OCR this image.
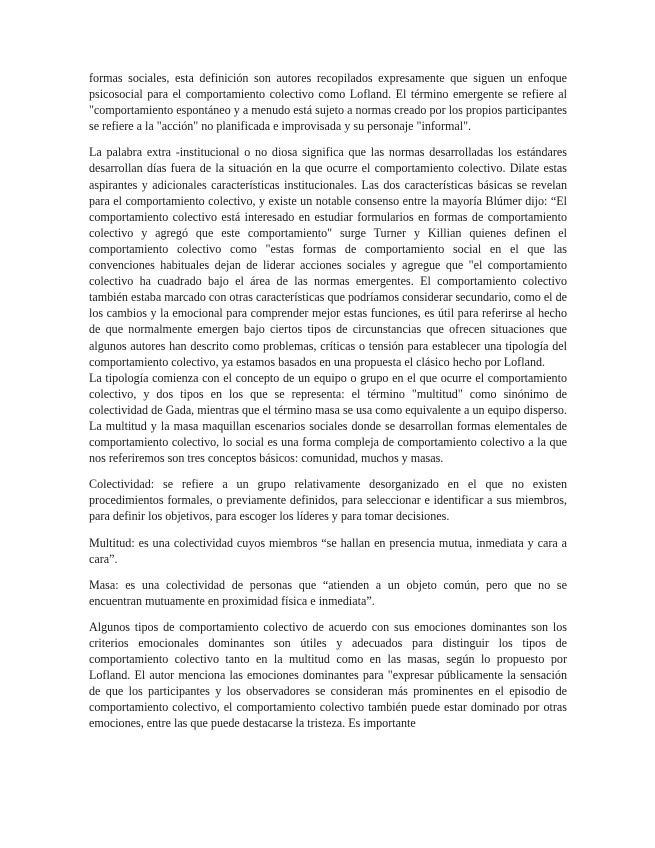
formas sociales, esta definición son autores recopilados expresamente que siguen un enfoque psicosocial para el comportamiento colectivo como Lofland. El término emergente se refiere al "comportamiento espontáneo y a menudo está sujeto a normas creado por los propios participantes se refiere a la "acción" no planificada e improvisada y su personaje "informal".

La palabra extra -institucional o no diosa significa que las normas desarrolladas los estándares desarrollan días fuera de la situación en la que ocurre el comportamiento colectivo. Dilate estas aspirantes y adicionales características institucionales. Las dos características básicas se revelan para el comportamiento colectivo, y existe un notable consenso entre la mayoría Blúmer dijo: “El comportamiento colectivo está interesado en estudiar formularios en formas de comportamiento colectivo y agregó que este comportamiento" surge Turner y Killian quienes definen el comportamiento colectivo como "estas formas de comportamiento social en el que las convenciones habituales dejan de liderar acciones sociales y agregue que "el comportamiento colectivo ha cuadrado bajo el área de las normas emergentes. El comportamiento colectivo también estaba marcado con otras características que podríamos considerar secundario, como el de los cambios y la emocional para comprender mejor estas funciones, es útil para referirse al hecho de que normalmente emergen bajo ciertos tipos de circunstancias que ofrecen situaciones que algunos autores han descrito como problemas, críticas o tensión para establecer una tipología del comportamiento colectivo, ya estamos basados en una propuesta el clásico hecho por Lofland.

La tipología comienza con el concepto de un equipo o grupo en el que ocurre el comportamiento colectivo, y dos tipos en los que se representa: el término "multitud" como sinónimo de colectividad de Gada, mientras que el término masa se usa como equivalente a un equipo disperso. La multitud y la masa maquillan escenarios sociales donde se desarrollan formas elementales de comportamiento colectivo, lo social es una forma compleja de comportamiento colectivo a la que nos referiremos son tres conceptos básicos: comunidad, muchos y masas.

Colectividad: se refiere a un grupo relativamente desorganizado en el que no existen procedimientos formales, o previamente definidos, para seleccionar e identificar a sus miembros, para definir los objetivos, para escoger los líderes y para tomar decisiones.

Multitud: es una colectividad cuyos miembros “se hallan en presencia mutua, inmediata y cara a cara”.

Masa: es una colectividad de personas que “atienden a un objeto común, pero que no se encuentran mutuamente en proximidad física e inmediata”.

Algunos tipos de comportamiento colectivo de acuerdo con sus emociones dominantes son los criterios emocionales dominantes son útiles y adecuados para distinguir los tipos de comportamiento colectivo tanto en la multitud como en las masas, según lo propuesto por Lofland. El autor menciona las emociones dominantes para "expresar públicamente la sensación de que los participantes y los observadores se consideran más prominentes en el episodio de comportamiento colectivo, el comportamiento colectivo también puede estar dominado por otras emociones, entre las que puede destacarse la tristeza. Es importante
